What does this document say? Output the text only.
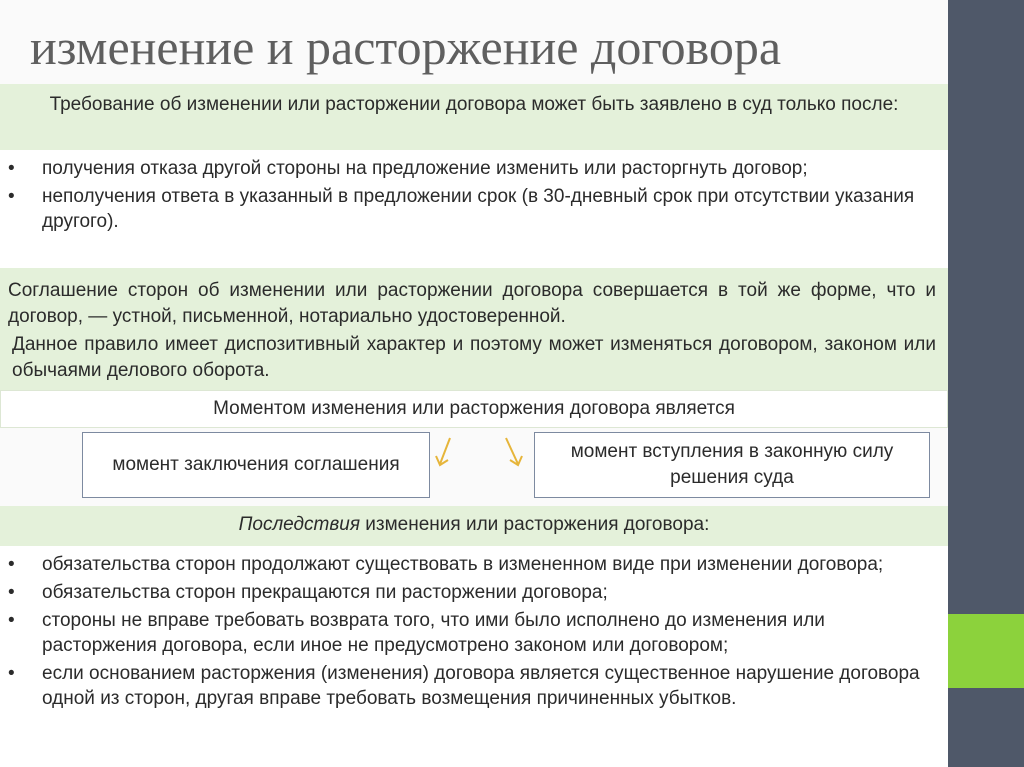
изменение и расторжение договора
Требование об изменении или расторжении договора может быть заявлено в суд только после:
• получения отказа другой стороны на предложение изменить или расторгнуть договор;
• неполучения ответа в указанный в предложении срок (в 30-дневный срок при отсутствии указания другого).
Соглашение сторон об изменении или расторжении договора совершается в той же форме, что и договор, — устной, письменной, нотариально удостоверенной.
Данное правило имеет диспозитивный характер и поэтому может изменяться договором, законом или обычаями делового оборота.
Моментом изменения или расторжения договора является
момент заключения соглашения
момент вступления в законную силу решения суда
Последствия изменения или расторжения договора:
• обязательства сторон продолжают существовать в измененном виде при изменении договора;
• обязательства сторон прекращаются пи расторжении договора;
• стороны не вправе требовать возврата того, что ими было исполнено до изменения или расторжения договора, если иное не предусмотрено законом или договором;
• если основанием расторжения (изменения) договора является существенное нарушение договора одной из сторон, другая вправе требовать возмещения причиненных убытков.
